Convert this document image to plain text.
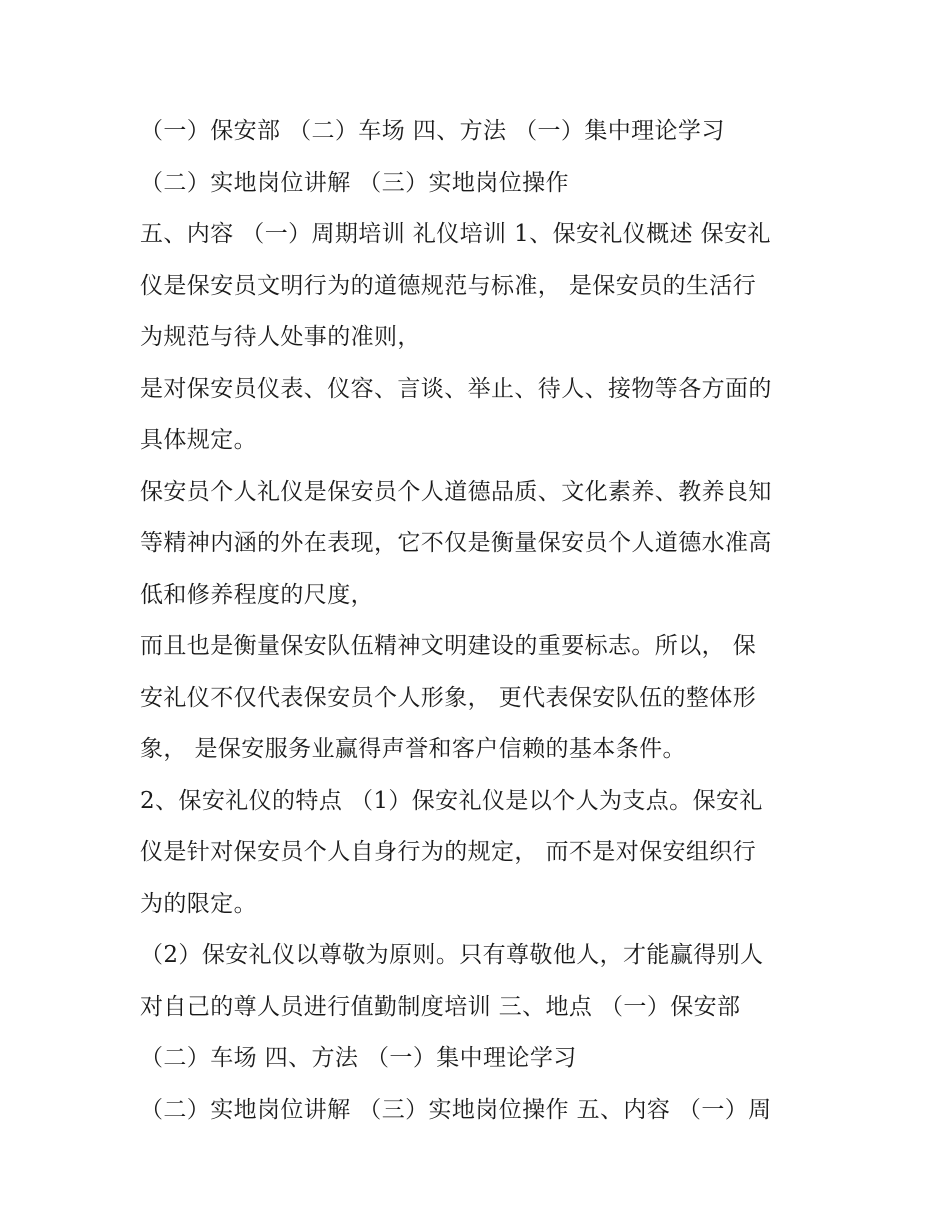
（一）保安部 （二）车场 四、方法 （一）集中理论学习
（二）实地岗位讲解 （三）实地岗位操作
五、内容 （一）周期培训 礼仪培训 1、保安礼仪概述 保安礼
仪是保安员文明行为的道德规范与标准， 是保安员的生活行
为规范与待人处事的准则，
是对保安员仪表、仪容、言谈、举止、待人、接物等各方面的
具体规定。
保安员个人礼仪是保安员个人道德品质、文化素养、教养良知
等精神内涵的外在表现，它不仅是衡量保安员个人道德水准高
低和修养程度的尺度，
而且也是衡量保安队伍精神文明建设的重要标志。所以， 保
安礼仪不仅代表保安员个人形象， 更代表保安队伍的整体形
象， 是保安服务业赢得声誉和客户信赖的基本条件。
2、保安礼仪的特点 （1）保安礼仪是以个人为支点。保安礼
仪是针对保安员个人自身行为的规定， 而不是对保安组织行
为的限定。
（2）保安礼仪以尊敬为原则。只有尊敬他人，才能赢得别人
对自己的尊人员进行值勤制度培训 三、地点 （一）保安部
（二）车场 四、方法 （一）集中理论学习
（二）实地岗位讲解 （三）实地岗位操作 五、内容 （一）周
